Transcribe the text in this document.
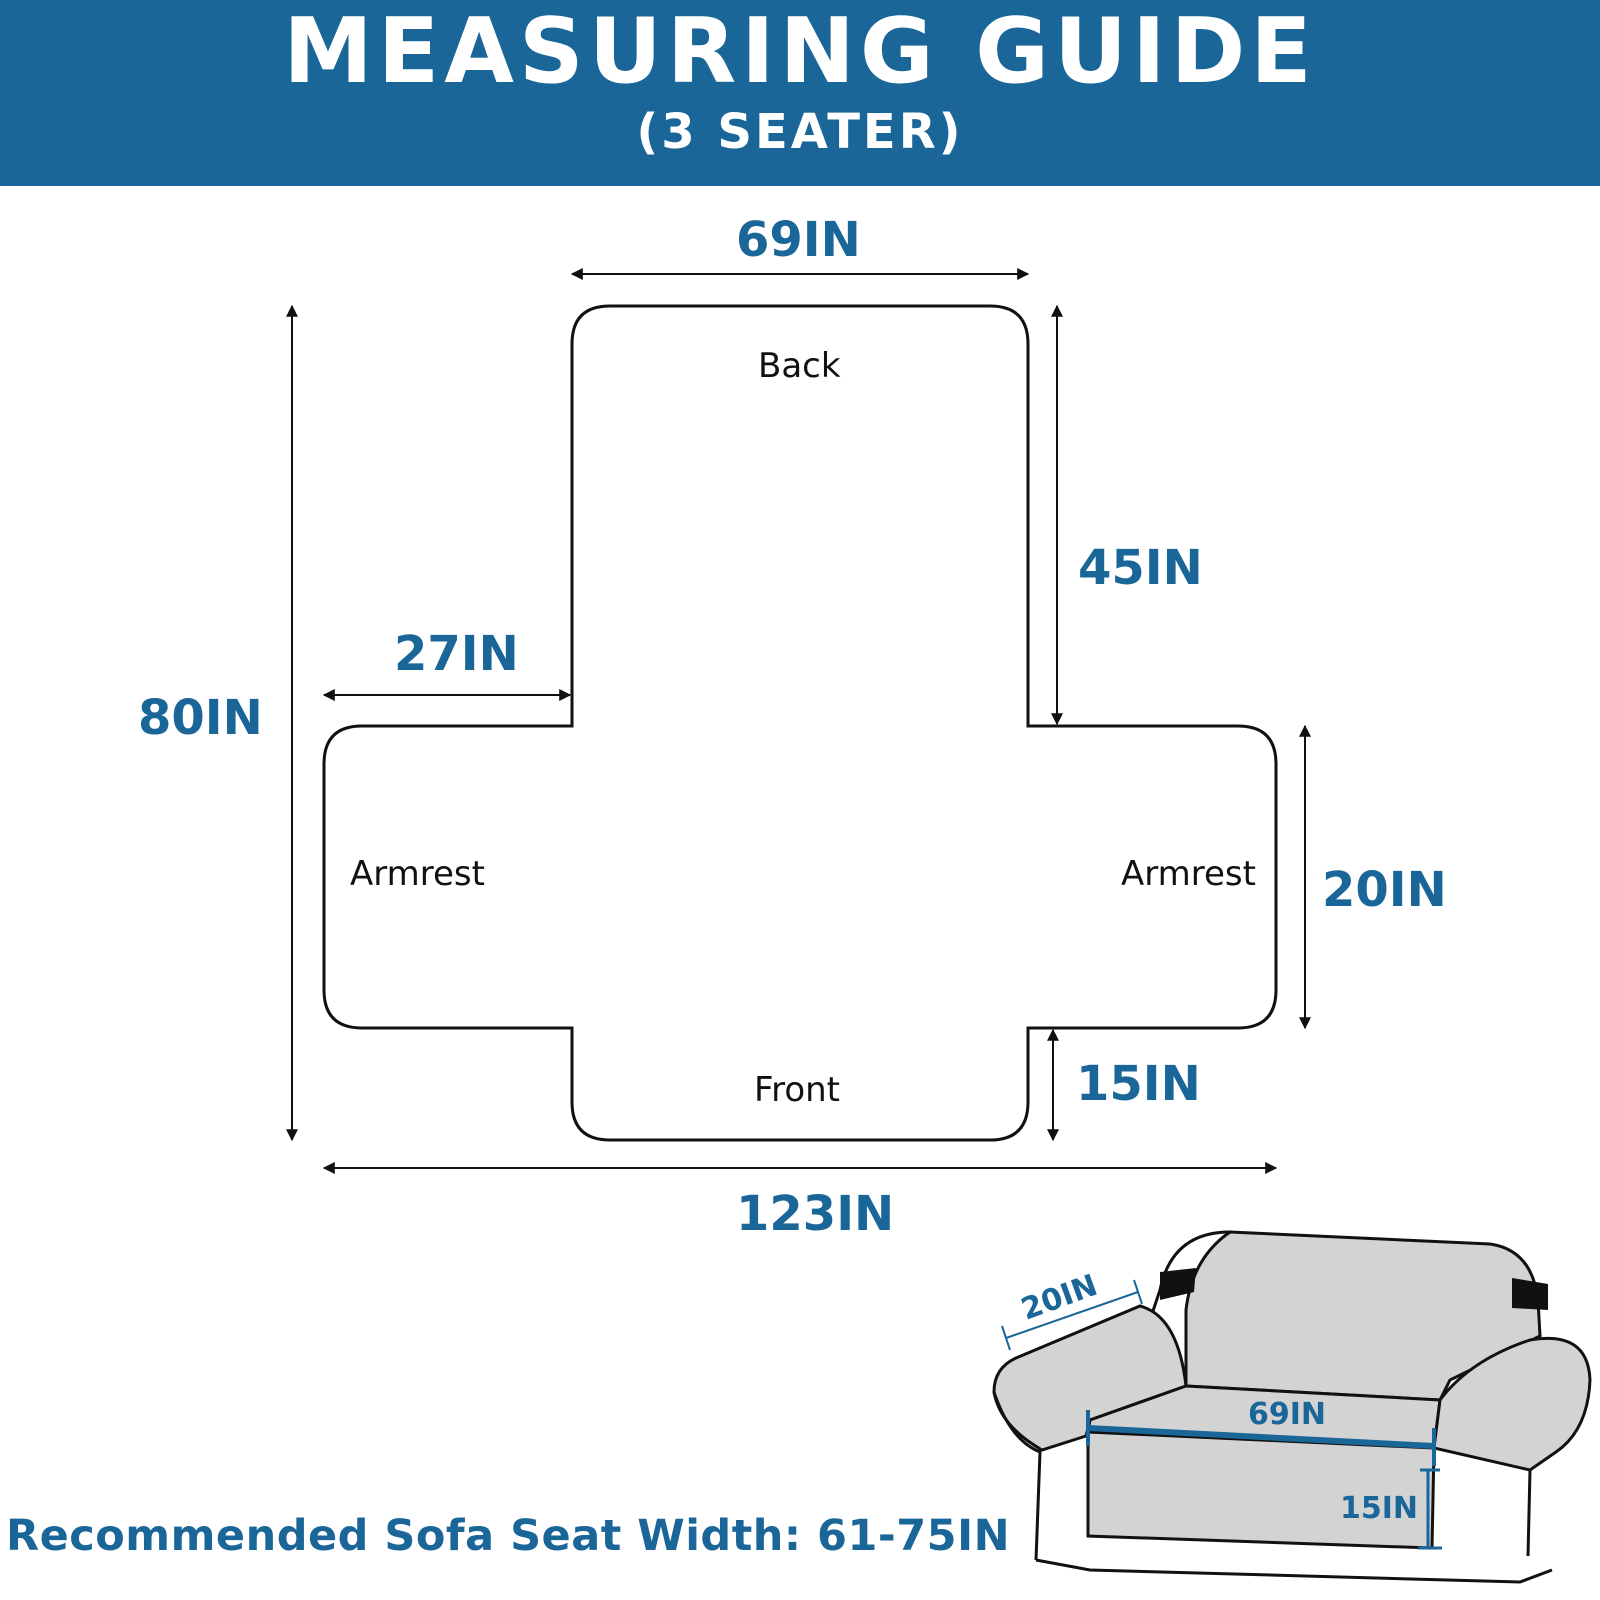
MEASURING GUIDE
(3 SEATER)
20IN
69IN
15IN
Back
Front
Armrest	Armrest
69IN
80IN
27IN
45IN
20IN
15IN
123IN
Recommended Sofa Seat Width: 61-75IN
